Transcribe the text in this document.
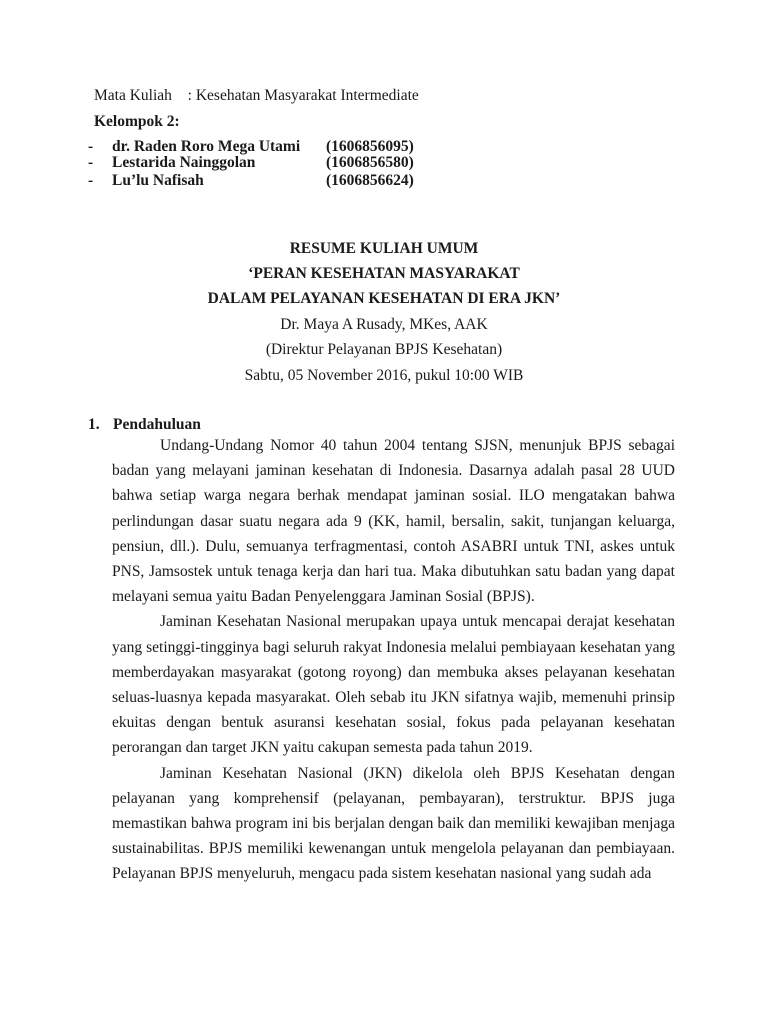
Mata Kuliah : Kesehatan Masyarakat Intermediate
Kelompok 2:
- dr. Raden Roro Mega Utami (1606856095)
- Lestarida Nainggolan	(1606856580)
- Lu’lu Nafisah	(1606856624)
RESUME KULIAH UMUM
‘PERAN KESEHATAN MASYARAKAT
DALAM PELAYANAN KESEHATAN DI ERA JKN’
Dr. Maya A Rusady, MKes, AAK
(Direktur Pelayanan BPJS Kesehatan)
Sabtu, 05 November 2016, pukul 10:00 WIB
1. Pendahuluan

Undang-Undang Nomor 40 tahun 2004 tentang SJSN, menunjuk BPJS sebagai badan yang melayani jaminan kesehatan di Indonesia. Dasarnya adalah pasal 28 UUD bahwa setiap warga negara berhak mendapat jaminan sosial. ILO mengatakan bahwa perlindungan dasar suatu negara ada 9 (KK, hamil, bersalin, sakit, tunjangan keluarga, pensiun, dll.). Dulu, semuanya terfragmentasi, contoh ASABRI untuk TNI, askes untuk PNS, Jamsostek untuk tenaga kerja dan hari tua. Maka dibutuhkan satu badan yang dapat melayani semua yaitu Badan Penyelenggara Jaminan Sosial (BPJS).

Jaminan Kesehatan Nasional merupakan upaya untuk mencapai derajat kesehatan yang setinggi-tingginya bagi seluruh rakyat Indonesia melalui pembiayaan kesehatan yang memberdayakan masyarakat (gotong royong) dan membuka akses pelayanan kesehatan seluas-luasnya kepada masyarakat. Oleh sebab itu JKN sifatnya wajib, memenuhi prinsip ekuitas dengan bentuk asuransi kesehatan sosial, fokus pada pelayanan kesehatan perorangan dan target JKN yaitu cakupan semesta pada tahun 2019.

Jaminan Kesehatan Nasional (JKN) dikelola oleh BPJS Kesehatan dengan pelayanan yang komprehensif (pelayanan, pembayaran), terstruktur. BPJS juga memastikan bahwa program ini bis berjalan dengan baik dan memiliki kewajiban menjaga sustainabilitas. BPJS memiliki kewenangan untuk mengelola pelayanan dan pembiayaan. Pelayanan BPJS menyeluruh, mengacu pada sistem kesehatan nasional yang sudah ada
